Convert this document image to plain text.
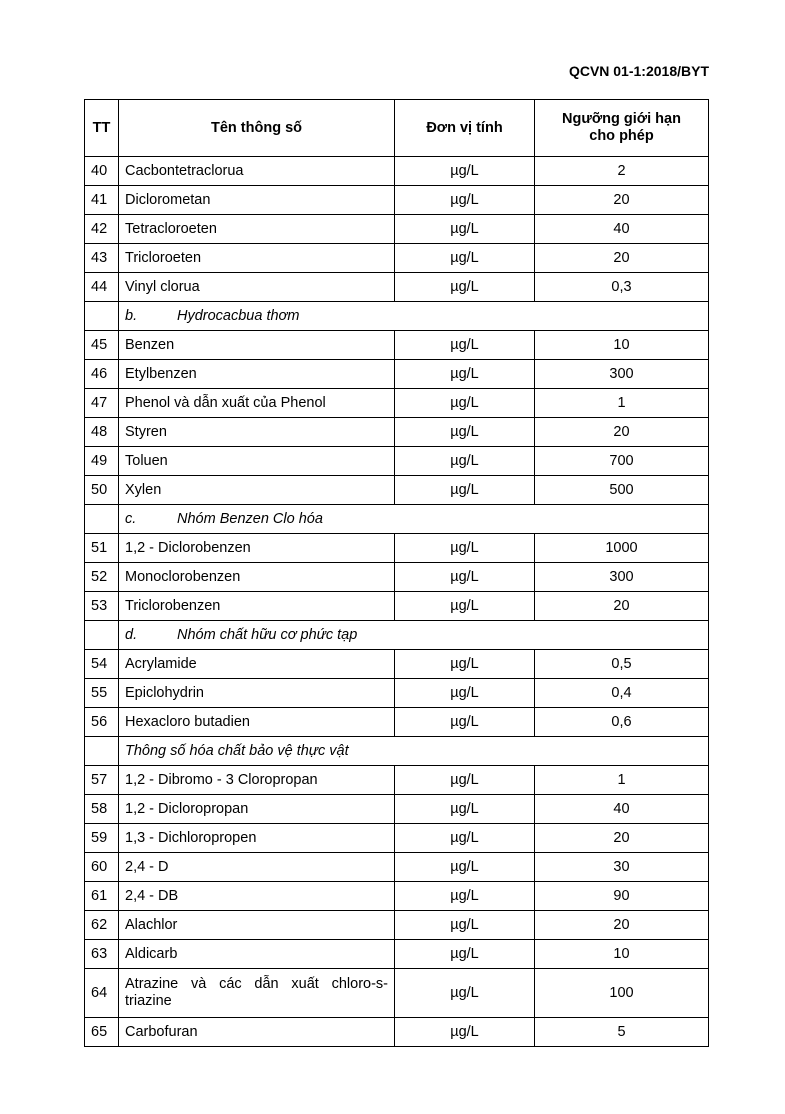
QCVN 01-1:2018/BYT
TT	Tên thông số	Đơn vị tính	Ngưỡng giới hạn
cho phép
40	Cacbontetraclorua	µg/L	2
41	Diclorometan	µg/L	20
42	Tetracloroeten	µg/L	40
43	Tricloroeten	µg/L	20
44	Vinyl clorua	µg/L	0,3
	b. Hydrocacbua thơm		
45	Benzen	µg/L	10
46	Etylbenzen	µg/L	300
47	Phenol và dẫn xuất của Phenol	µg/L	1
48	Styren	µg/L	20
49	Toluen	µg/L	700
50	Xylen	µg/L	500
	c. Nhóm Benzen Clo hóa		
51	1,2 - Diclorobenzen	µg/L	1000
52	Monoclorobenzen	µg/L	300
53	Triclorobenzen	µg/L	20
	d. Nhóm chất hữu cơ phức tạp		
54	Acrylamide	µg/L	0,5
55	Epiclohydrin	µg/L	0,4
56	Hexacloro butadien	µg/L	0,6
	Thông số hóa chất bảo vệ thực vật		
57	1,2 - Dibromo - 3 Cloropropan	µg/L	1
58	1,2 - Dicloropropan	µg/L	40
59	1,3 - Dichloropropen	µg/L	20
60	2,4 - D	µg/L	30
61	2,4 - DB	µg/L	90
62	Alachlor	µg/L	20
63	Aldicarb	µg/L	10
64	Atrazine và các dẫn xuất chloro-s-triazine	µg/L	100
65	Carbofuran	µg/L	5
